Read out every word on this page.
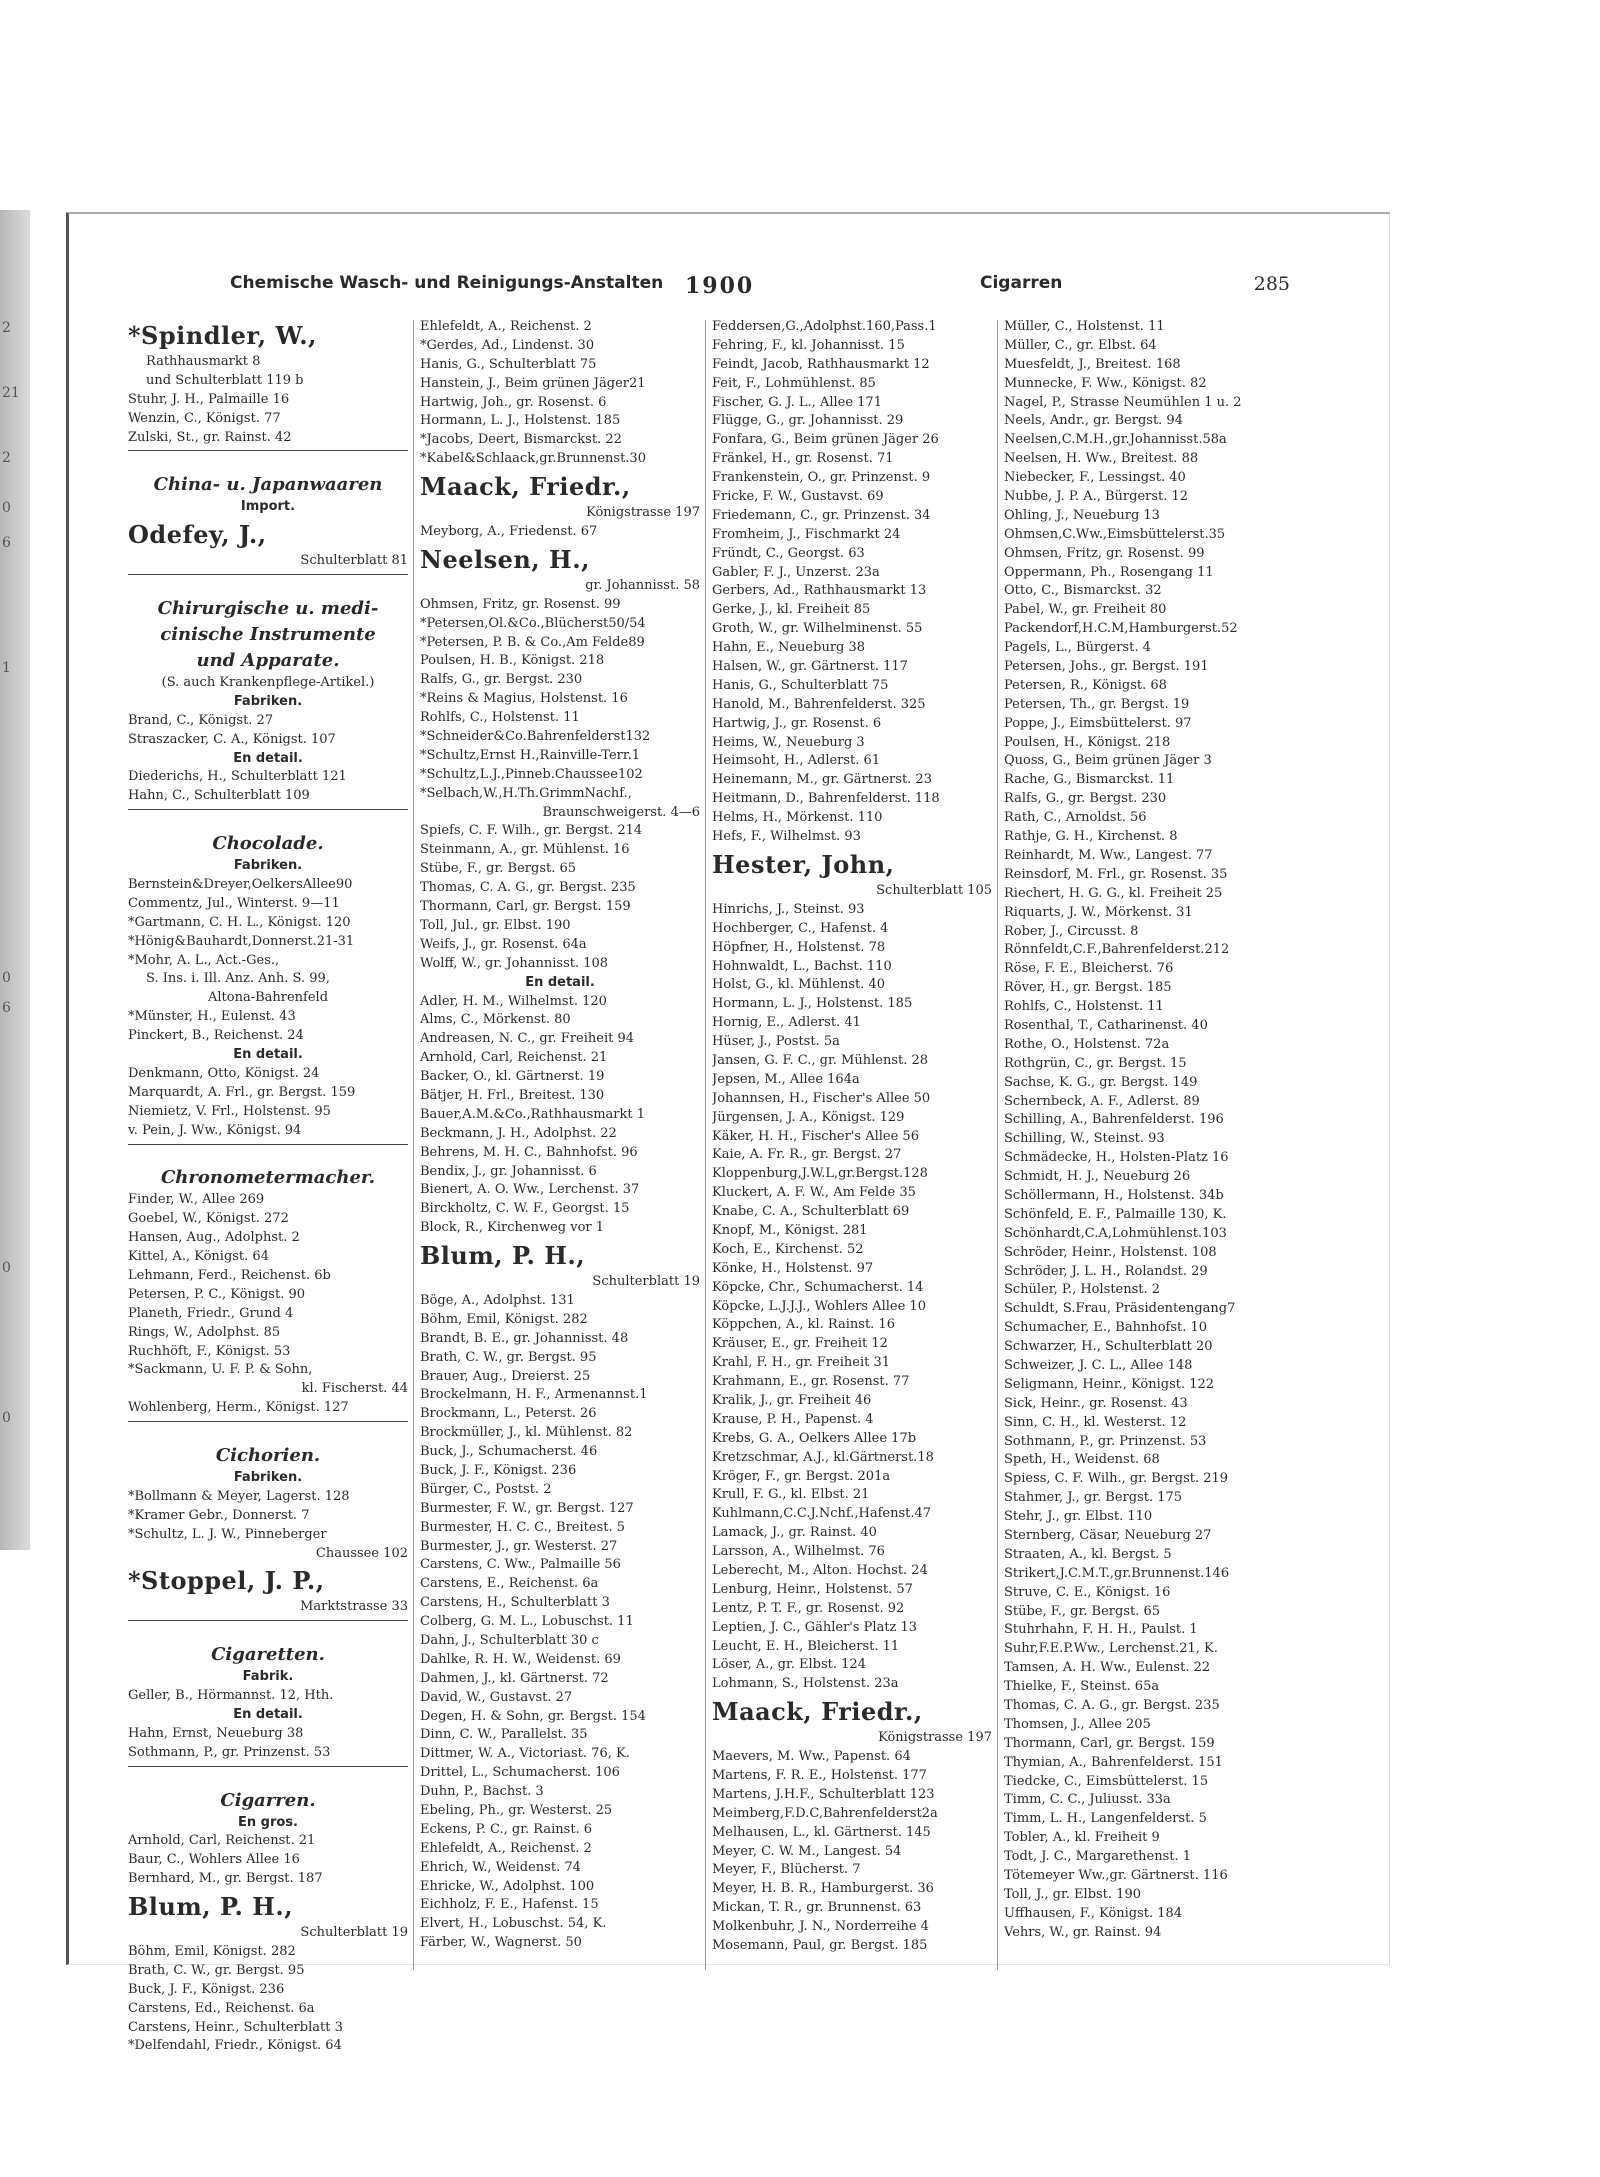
2
21
2
0
6
1
0
6
0
0
Chemische Wasch- und Reinigungs-Anstalten 1900	Cigarren	285
*Spindler, W.,
Rathhausmarkt 8
und Schulterblatt 119 b
Stuhr, J. H., Palmaille 16
Wenzin, C., Königst. 77
Zulski, St., gr. Rainst. 42
China- u. Japanwaaren
Import.
Odefey, J.,
Schulterblatt 81
Chirurgische u. medi-
cinische Instrumente
und Apparate.
(S. auch Krankenpflege-Artikel.)
Fabriken.
Brand, C., Königst. 27
Straszacker, C. A., Königst. 107
En detail.
Diederichs, H., Schulterblatt 121
Hahn, C., Schulterblatt 109
Chocolade.
Fabriken.
Bernstein&Dreyer,OelkersAllee90
Commentz, Jul., Winterst. 9—11
*Gartmann, C. H. L., Königst. 120
*Hönig&Bauhardt,Donnerst.21-31
*Mohr, A. L., Act.-Ges.,
S. Ins. i. Ill. Anz. Anh. S. 99,
Altona-Bahrenfeld
*Münster, H., Eulenst. 43
Pinckert, B., Reichenst. 24
En detail.
Denkmann, Otto, Königst. 24
Marquardt, A. Frl., gr. Bergst. 159
Niemietz, V. Frl., Holstenst. 95
v. Pein, J. Ww., Königst. 94
Chronometermacher.
Finder, W., Allee 269
Goebel, W., Königst. 272
Hansen, Aug., Adolphst. 2
Kittel, A., Königst. 64
Lehmann, Ferd., Reichenst. 6b
Petersen, P. C., Königst. 90
Planeth, Friedr., Grund 4
Rings, W., Adolphst. 85
Ruchhöft, F., Königst. 53
*Sackmann, U. F. P. & Sohn,
kl. Fischerst. 44
Wohlenberg, Herm., Königst. 127
Cichorien.
Fabriken.
*Bollmann & Meyer, Lagerst. 128
*Kramer Gebr., Donnerst. 7
*Schultz, L. J. W., Pinneberger
Chaussee 102
*Stoppel, J. P.,
Marktstrasse 33
Cigaretten.
Fabrik.
Geller, B., Hörmannst. 12, Hth.
En detail.
Hahn, Ernst, Neueburg 38
Sothmann, P., gr. Prinzenst. 53
Cigarren.
En gros.
Arnhold, Carl, Reichenst. 21
Baur, C., Wohlers Allee 16
Bernhard, M., gr. Bergst. 187
Blum, P. H.,
Schulterblatt 19
Böhm, Emil, Königst. 282
Brath, C. W., gr. Bergst. 95
Buck, J. F., Königst. 236
Carstens, Ed., Reichenst. 6a
Carstens, Heinr., Schulterblatt 3
*Delfendahl, Friedr., Königst. 64
Ehlefeldt, A., Reichenst. 2
*Gerdes, Ad., Lindenst. 30
Hanis, G., Schulterblatt 75
Hanstein, J., Beim grünen Jäger21
Hartwig, Joh., gr. Rosenst. 6
Hormann, L. J., Holstenst. 185
*Jacobs, Deert, Bismarckst. 22
*Kabel&Schlaack,gr.Brunnenst.30
Maack, Friedr.,
Königstrasse 197
Meyborg, A., Friedenst. 67
Neelsen, H.,
gr. Johannisst. 58
Ohmsen, Fritz, gr. Rosenst. 99
*Petersen,Ol.&Co.,Blücherst50/54
*Petersen, P. B. & Co.,Am Felde89
Poulsen, H. B., Königst. 218
Ralfs, G., gr. Bergst. 230
*Reins & Magius, Holstenst. 16
Rohlfs, C., Holstenst. 11
*Schneider&Co.Bahrenfelderst132
*Schultz,Ernst H.,Rainville-Terr.1
*Schultz,L.J.,Pinneb.Chaussee102
*Selbach,W.,H.Th.GrimmNachf.,
Braunschweigerst. 4—6
Spiefs, C. F. Wilh., gr. Bergst. 214
Steinmann, A., gr. Mühlenst. 16
Stübe, F., gr. Bergst. 65
Thomas, C. A. G., gr. Bergst. 235
Thormann, Carl, gr. Bergst. 159
Toll, Jul., gr. Elbst. 190
Weifs, J., gr. Rosenst. 64a
Wolff, W., gr. Johannisst. 108
En detail.
Adler, H. M., Wilhelmst. 120
Alms, C., Mörkenst. 80
Andreasen, N. C., gr. Freiheit 94
Arnhold, Carl, Reichenst. 21
Backer, O., kl. Gärtnerst. 19
Bätjer, H. Frl., Breitest. 130
Bauer,A.M.&Co.,Rathhausmarkt 1
Beckmann, J. H., Adolphst. 22
Behrens, M. H. C., Bahnhofst. 96
Bendix, J., gr. Johannisst. 6
Bienert, A. O. Ww., Lerchenst. 37
Birckholtz, C. W. F., Georgst. 15
Block, R., Kirchenweg vor 1
Blum, P. H.,
Schulterblatt 19
Böge, A., Adolphst. 131
Böhm, Emil, Königst. 282
Brandt, B. E., gr. Johannisst. 48
Brath, C. W., gr. Bergst. 95
Brauer, Aug., Dreierst. 25
Brockelmann, H. F., Armenannst.1
Brockmann, L., Peterst. 26
Brockmüller, J., kl. Mühlenst. 82
Buck, J., Schumacherst. 46
Buck, J. F., Königst. 236
Bürger, C., Postst. 2
Burmester, F. W., gr. Bergst. 127
Burmester, H. C. C., Breitest. 5
Burmester, J., gr. Westerst. 27
Carstens, C. Ww., Palmaille 56
Carstens, E., Reichenst. 6a
Carstens, H., Schulterblatt 3
Colberg, G. M. L., Lobuschst. 11
Dahn, J., Schulterblatt 30 c
Dahlke, R. H. W., Weidenst. 69
Dahmen, J., kl. Gärtnerst. 72
David, W., Gustavst. 27
Degen, H. & Sohn, gr. Bergst. 154
Dinn, C. W., Parallelst. 35
Dittmer, W. A., Victoriast. 76, K.
Drittel, L., Schumacherst. 106
Duhn, P., Bachst. 3
Ebeling, Ph., gr. Westerst. 25
Eckens, P. C., gr. Rainst. 6
Ehlefeldt, A., Reichenst. 2
Ehrich, W., Weidenst. 74
Ehricke, W., Adolphst. 100
Eichholz, F. E., Hafenst. 15
Elvert, H., Lobuschst. 54, K.
Färber, W., Wagnerst. 50
Feddersen,G.,Adolphst.160,Pass.1
Fehring, F., kl. Johannisst. 15
Feindt, Jacob, Rathhausmarkt 12
Feit, F., Lohmühlenst. 85
Fischer, G. J. L., Allee 171
Flügge, G., gr. Johannisst. 29
Fonfara, G., Beim grünen Jäger 26
Fränkel, H., gr. Rosenst. 71
Frankenstein, O., gr. Prinzenst. 9
Fricke, F. W., Gustavst. 69
Friedemann, C., gr. Prinzenst. 34
Fromheim, J., Fischmarkt 24
Fründt, C., Georgst. 63
Gabler, F. J., Unzerst. 23a
Gerbers, Ad., Rathhausmarkt 13
Gerke, J., kl. Freiheit 85
Groth, W., gr. Wilhelminenst. 55
Hahn, E., Neueburg 38
Halsen, W., gr. Gärtnerst. 117
Hanis, G., Schulterblatt 75
Hanold, M., Bahrenfelderst. 325
Hartwig, J., gr. Rosenst. 6
Heims, W., Neueburg 3
Heimsoht, H., Adlerst. 61
Heinemann, M., gr. Gärtnerst. 23
Heitmann, D., Bahrenfelderst. 118
Helms, H., Mörkenst. 110
Hefs, F., Wilhelmst. 93
Hester, John,
Schulterblatt 105
Hinrichs, J., Steinst. 93
Hochberger, C., Hafenst. 4
Höpfner, H., Holstenst. 78
Hohnwaldt, L., Bachst. 110
Holst, G., kl. Mühlenst. 40
Hormann, L. J., Holstenst. 185
Hornig, E., Adlerst. 41
Hüser, J., Postst. 5a
Jansen, G. F. C., gr. Mühlenst. 28
Jepsen, M., Allee 164a
Johannsen, H., Fischer's Allee 50
Jürgensen, J. A., Königst. 129
Käker, H. H., Fischer's Allee 56
Kaie, A. Fr. R., gr. Bergst. 27
Kloppenburg,J.W.L,gr.Bergst.128
Kluckert, A. F. W., Am Felde 35
Knabe, C. A., Schulterblatt 69
Knopf, M., Königst. 281
Koch, E., Kirchenst. 52
Könke, H., Holstenst. 97
Köpcke, Chr., Schumacherst. 14
Köpcke, L.J.J.J., Wohlers Allee 10
Köppchen, A., kl. Rainst. 16
Kräuser, E., gr. Freiheit 12
Krahl, F. H., gr. Freiheit 31
Krahmann, E., gr. Rosenst. 77
Kralik, J., gr. Freiheit 46
Krause, P. H., Papenst. 4
Krebs, G. A., Oelkers Allee 17b
Kretzschmar, A.J., kl.Gärtnerst.18
Kröger, F., gr. Bergst. 201a
Krull, F. G., kl. Elbst. 21
Kuhlmann,C.C.J.Nchf.,Hafenst.47
Lamack, J., gr. Rainst. 40
Larsson, A., Wilhelmst. 76
Leberecht, M., Alton. Hochst. 24
Lenburg, Heinr., Holstenst. 57
Lentz, P. T. F., gr. Rosenst. 92
Leptien, J. C., Gähler's Platz 13
Leucht, E. H., Bleicherst. 11
Löser, A., gr. Elbst. 124
Lohmann, S., Holstenst. 23a
Maack, Friedr.,
Königstrasse 197
Maevers, M. Ww., Papenst. 64
Martens, F. R. E., Holstenst. 177
Martens, J.H.F., Schulterblatt 123
Meimberg,F.D.C,Bahrenfelderst2a
Melhausen, L., kl. Gärtnerst. 145
Meyer, C. W. M., Langest. 54
Meyer, F., Blücherst. 7
Meyer, H. B. R., Hamburgerst. 36
Mickan, T. R., gr. Brunnenst. 63
Molkenbuhr, J. N., Norderreihe 4
Mosemann, Paul, gr. Bergst. 185
Müller, C., Holstenst. 11
Müller, C., gr. Elbst. 64
Muesfeldt, J., Breitest. 168
Munnecke, F. Ww., Königst. 82
Nagel, P., Strasse Neumühlen 1 u. 2
Neels, Andr., gr. Bergst. 94
Neelsen,C.M.H.,gr.Johannisst.58a
Neelsen, H. Ww., Breitest. 88
Niebecker, F., Lessingst. 40
Nubbe, J. P. A., Bürgerst. 12
Ohling, J., Neueburg 13
Ohmsen,C.Ww.,Eimsbüttelerst.35
Ohmsen, Fritz, gr. Rosenst. 99
Oppermann, Ph., Rosengang 11
Otto, C., Bismarckst. 32
Pabel, W., gr. Freiheit 80
Packendorf,H.C.M,Hamburgerst.52
Pagels, L., Bürgerst. 4
Petersen, Johs., gr. Bergst. 191
Petersen, R., Königst. 68
Petersen, Th., gr. Bergst. 19
Poppe, J., Eimsbüttelerst. 97
Poulsen, H., Königst. 218
Quoss, G., Beim grünen Jäger 3
Rache, G., Bismarckst. 11
Ralfs, G., gr. Bergst. 230
Rath, C., Arnoldst. 56
Rathje, G. H., Kirchenst. 8
Reinhardt, M. Ww., Langest. 77
Reinsdorf, M. Frl., gr. Rosenst. 35
Riechert, H. G. G., kl. Freiheit 25
Riquarts, J. W., Mörkenst. 31
Rober, J., Circusst. 8
Rönnfeldt,C.F.,Bahrenfelderst.212
Röse, F. E., Bleicherst. 76
Röver, H., gr. Bergst. 185
Rohlfs, C., Holstenst. 11
Rosenthal, T., Catharinenst. 40
Rothe, O., Holstenst. 72a
Rothgrün, C., gr. Bergst. 15
Sachse, K. G., gr. Bergst. 149
Schernbeck, A. F., Adlerst. 89
Schilling, A., Bahrenfelderst. 196
Schilling, W., Steinst. 93
Schmädecke, H., Holsten-Platz 16
Schmidt, H. J., Neueburg 26
Schöllermann, H., Holstenst. 34b
Schönfeld, E. F., Palmaille 130, K.
Schönhardt,C.A,Lohmühlenst.103
Schröder, Heinr., Holstenst. 108
Schröder, J. L. H., Rolandst. 29
Schüler, P., Holstenst. 2
Schuldt, S.Frau, Präsidentengang7
Schumacher, E., Bahnhofst. 10
Schwarzer, H., Schulterblatt 20
Schweizer, J. C. L., Allee 148
Seligmann, Heinr., Königst. 122
Sick, Heinr., gr. Rosenst. 43
Sinn, C. H., kl. Westerst. 12
Sothmann, P., gr. Prinzenst. 53
Speth, H., Weidenst. 68
Spiess, C. F. Wilh., gr. Bergst. 219
Stahmer, J., gr. Bergst. 175
Stehr, J., gr. Elbst. 110
Sternberg, Cäsar, Neueburg 27
Straaten, A., kl. Bergst. 5
Strikert,J.C.M.T.,gr.Brunnenst.146
Struve, C. E., Königst. 16
Stübe, F., gr. Bergst. 65
Stuhrhahn, F. H. H., Paulst. 1
Suhr,F.E.P.Ww., Lerchenst.21, K.
Tamsen, A. H. Ww., Eulenst. 22
Thielke, F., Steinst. 65a
Thomas, C. A. G., gr. Bergst. 235
Thomsen, J., Allee 205
Thormann, Carl, gr. Bergst. 159
Thymian, A., Bahrenfelderst. 151
Tiedcke, C., Eimsbüttelerst. 15
Timm, C. C., Juliusst. 33a
Timm, L. H., Langenfelderst. 5
Tobler, A., kl. Freiheit 9
Todt, J. C., Margarethenst. 1
Tötemeyer Ww.,gr. Gärtnerst. 116
Toll, J., gr. Elbst. 190
Uffhausen, F., Königst. 184
Vehrs, W., gr. Rainst. 94
